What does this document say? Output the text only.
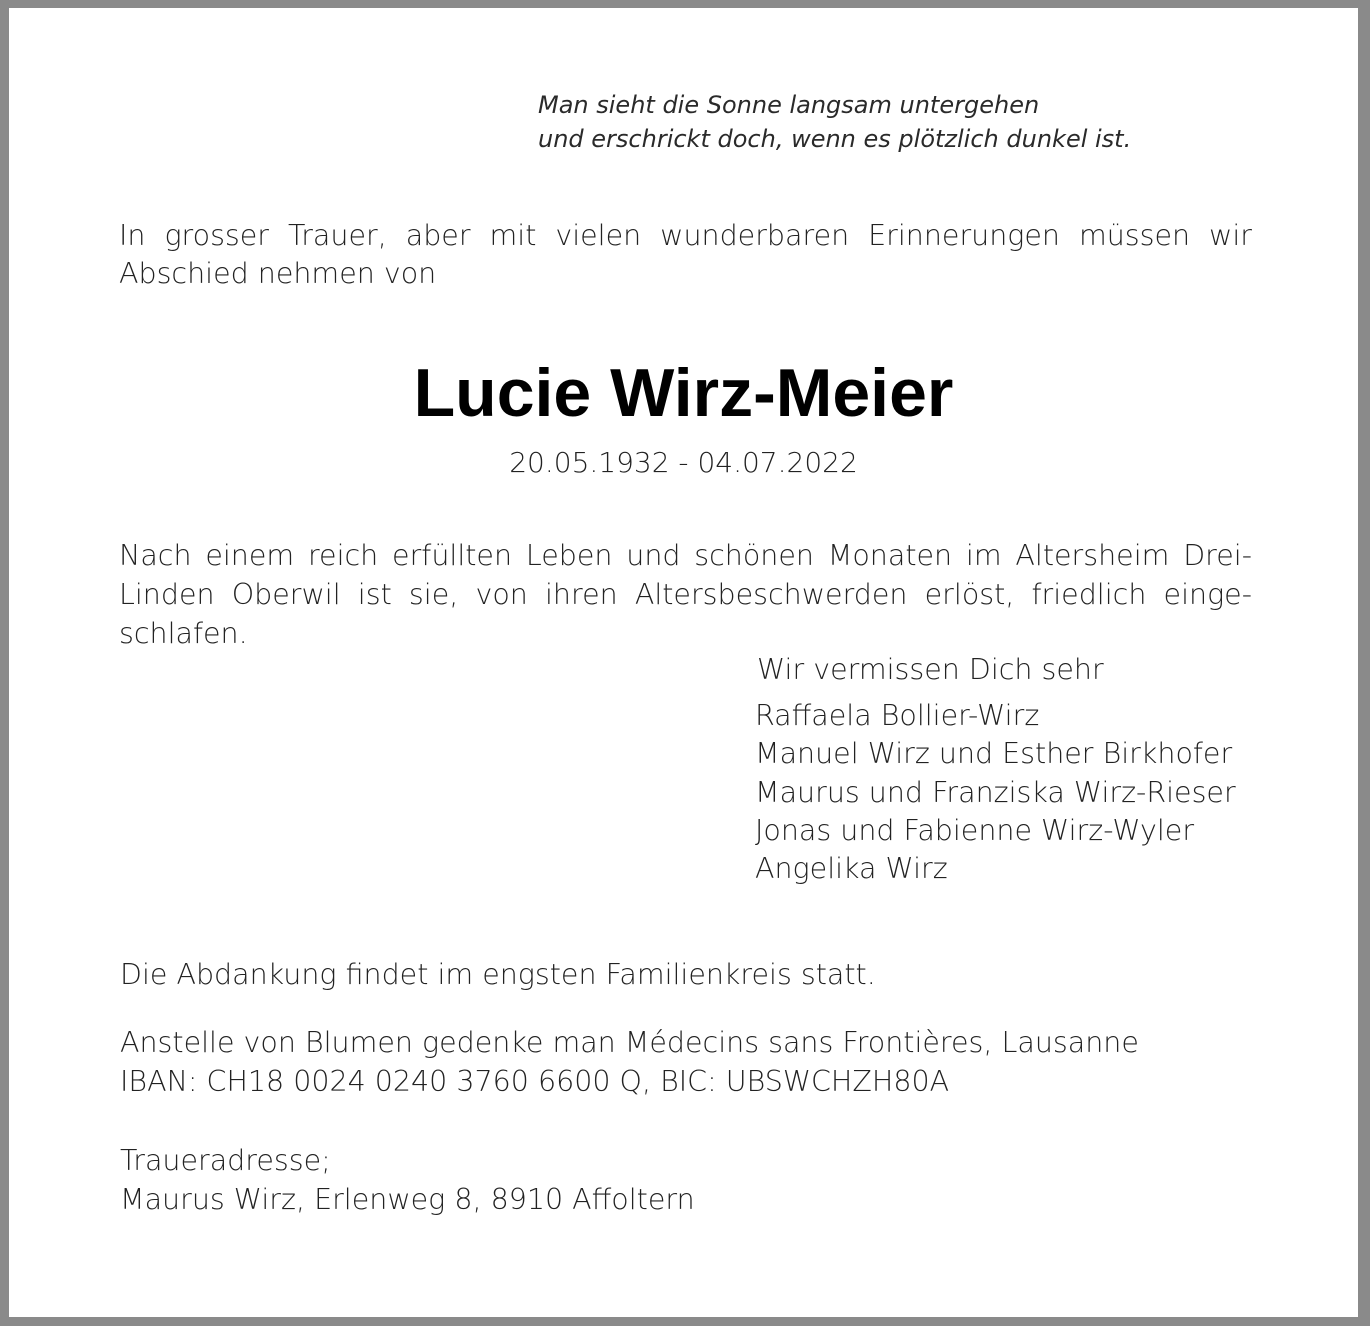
Man sieht die Sonne langsam untergehen
und erschrickt doch, wenn es plötzlich dunkel ist.
In grosser Trauer, aber mit vielen wunderbaren Erinnerungen müssen wir Abschied nehmen von
Lucie Wirz-Meier
20.05.1932 - 04.07.2022
Nach einem reich erfüllten Leben und schönen Monaten im Altersheim Drei-
Linden Oberwil ist sie, von ihren Altersbeschwerden erlöst, friedlich einge-
schlafen.
Wir vermissen Dich sehr
Raffaela Bollier-Wirz
Manuel Wirz und Esther Birkhofer
Maurus und Franziska Wirz-Rieser
Jonas und Fabienne Wirz-Wyler
Angelika Wirz
Die Abdankung findet im engsten Familienkreis statt.
Anstelle von Blumen gedenke man Médecins sans Frontières, Lausanne
IBAN: CH18 0024 0240 3760 6600 Q, BIC: UBSWCHZH80A
Traueradresse;
Maurus Wirz, Erlenweg 8, 8910 Affoltern
